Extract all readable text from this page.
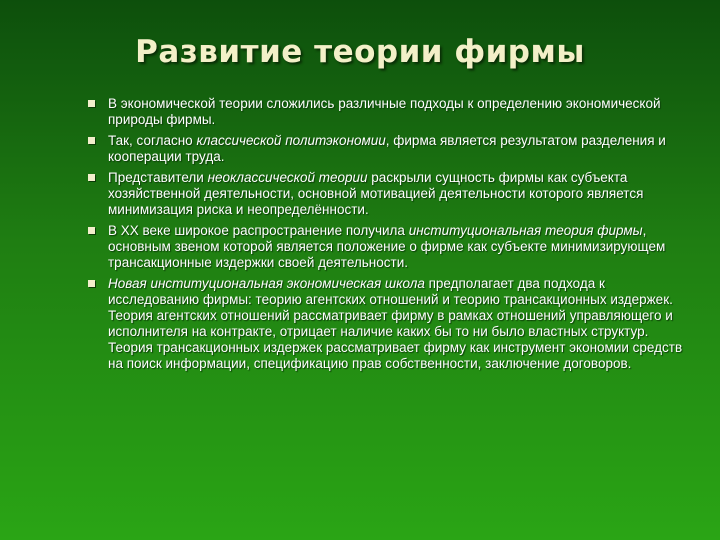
Развитие теории фирмы
В экономической теории сложились различные подходы к определению экономической природы фирмы.
Так, согласно классической политэкономии, фирма является результатом разделения и кооперации труда.
Представители неоклассической теории раскрыли сущность фирмы как субъекта хозяйственной деятельности, основной мотивацией деятельности которого является минимизация риска и неопределённости.
В XX веке широкое распространение получила институциональная теория фирмы, основным звеном которой является положение о фирме как субъекте минимизирующем трансакционные издержки своей деятельности.
Новая институциональная экономическая школа предполагает два подхода к исследованию фирмы: теорию агентских отношений и теорию трансакционных издержек. Теория агентских отношений рассматривает фирму в рамках отношений управляющего и исполнителя на контракте, отрицает наличие каких бы то ни было властных структур. Теория трансакционных издержек рассматривает фирму как инструмент экономии средств на поиск информации, спецификацию прав собственности, заключение договоров.
